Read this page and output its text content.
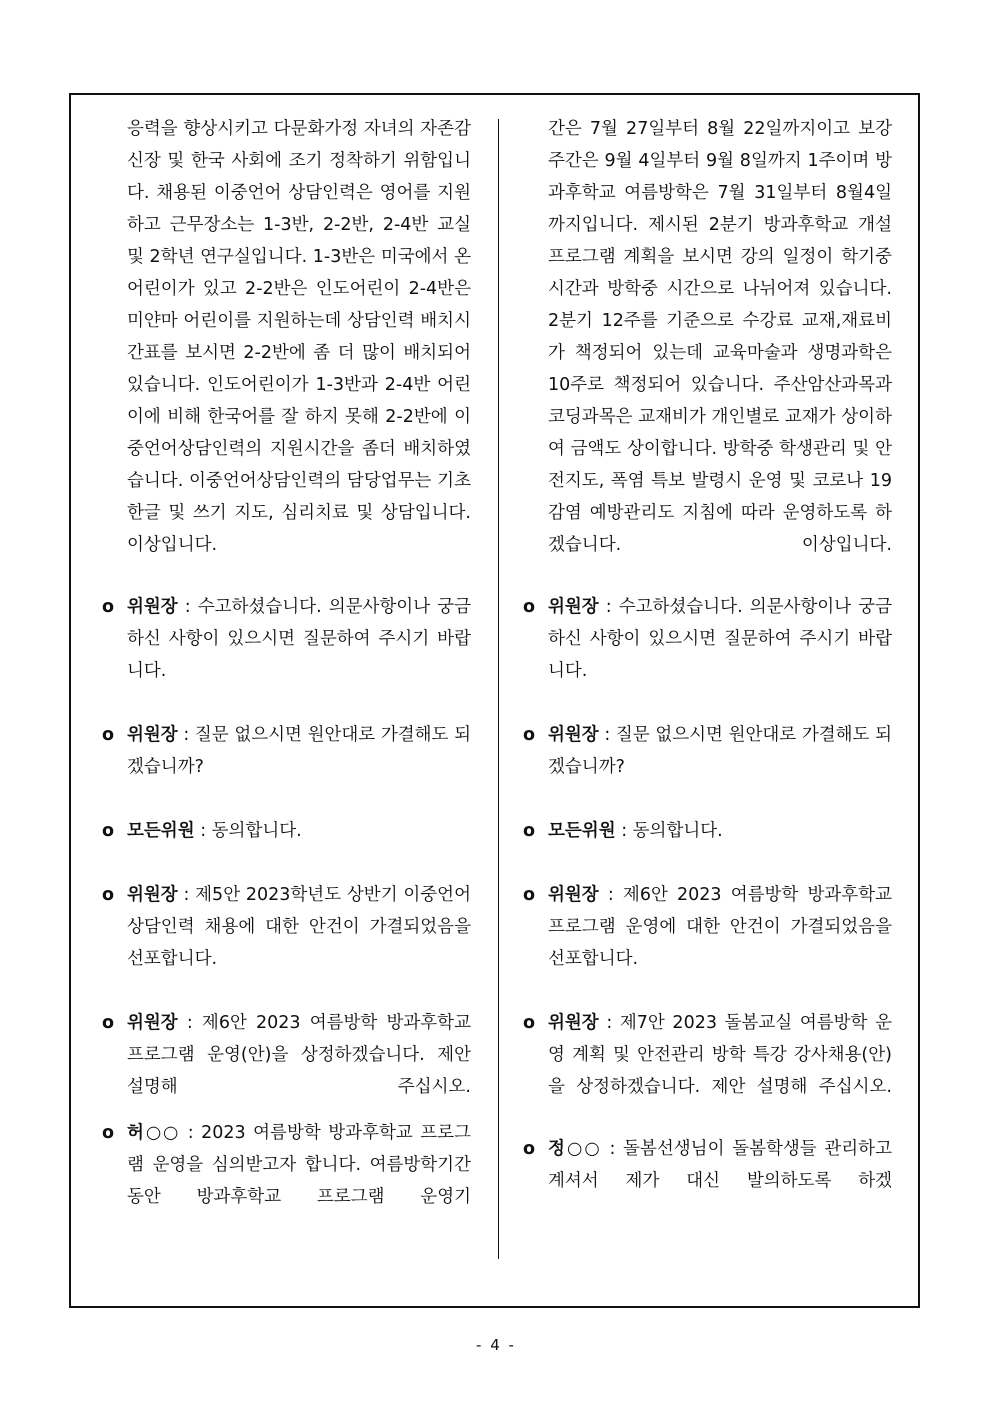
응력을 향상시키고 다문화가정 자녀의 자존감 신장 및 한국 사회에 조기 정착하기 위함입니다. 채용된 이중언어 상담인력은 영어를 지원하고 근무장소는 1-3반, 2-2반, 2-4반 교실 및 2학년 연구실입니다. 1-3반은 미국에서 온 어린이가 있고 2-2반은 인도어린이 2-4반은 미얀마 어린이를 지원하는데 상담인력 배치시간표를 보시면 2-2반에 좀 더 많이 배치되어 있습니다. 인도어린이가 1-3반과 2-4반 어린이에 비해 한국어를 잘 하지 못해 2-2반에 이중언어상담인력의 지원시간을 좀더 배치하였습니다. 이중언어상담인력의 담당업무는 기초 한글 및 쓰기 지도, 심리치료 및 상담입니다. 이상입니다.

o 위원장 : 수고하셨습니다. 의문사항이나 궁금하신 사항이 있으시면 질문하여 주시기 바랍니다.

o 위원장 : 질문 없으시면 원안대로 가결해도 되겠습니까?

o 모든위원 : 동의합니다.

o 위원장 : 제5안 2023학년도 상반기 이중언어 상담인력 채용에 대한 안건이 가결되었음을 선포합니다.

o 위원장 : 제6안 2023 여름방학 방과후학교 프로그램 운영(안)을 상정하겠습니다. 제안 설명해 주십시오.

o 허○○ : 2023 여름방학 방과후학교 프로그램 운영을 심의받고자 합니다. 여름방학기간동안 방과후학교 프로그램 운영기

간은 7월 27일부터 8월 22일까지이고 보강주간은 9월 4일부터 9월 8일까지 1주이며 방과후학교 여름방학은 7월 31일부터 8월4일까지입니다. 제시된 2분기 방과후학교 개설 프로그램 계획을 보시면 강의 일정이 학기중 시간과 방학중 시간으로 나뉘어져 있습니다. 2분기 12주를 기준으로 수강료 교재,재료비가 책정되어 있는데 교육마술과 생명과학은 10주로 책정되어 있습니다. 주산암산과목과 코딩과목은 교재비가 개인별로 교재가 상이하여 금액도 상이합니다. 방학중 학생관리 및 안전지도, 폭염 특보 발령시 운영 및 코로나 19 감염 예방관리도 지침에 따라 운영하도록 하겠습니다. 이상입니다.

o 위원장 : 수고하셨습니다. 의문사항이나 궁금하신 사항이 있으시면 질문하여 주시기 바랍니다.

o 위원장 : 질문 없으시면 원안대로 가결해도 되겠습니까?

o 모든위원 : 동의합니다.

o 위원장 : 제6안 2023 여름방학 방과후학교 프로그램 운영에 대한 안건이 가결되었음을 선포합니다.

o 위원장 : 제7안 2023 돌봄교실 여름방학 운영 계획 및 안전관리 방학 특강 강사채용(안)을 상정하겠습니다. 제안 설명해 주십시오.

o 정○○ : 돌봄선생님이 돌봄학생들 관리하고 계셔서 제가 대신 발의하도록 하겠

- 4 -
